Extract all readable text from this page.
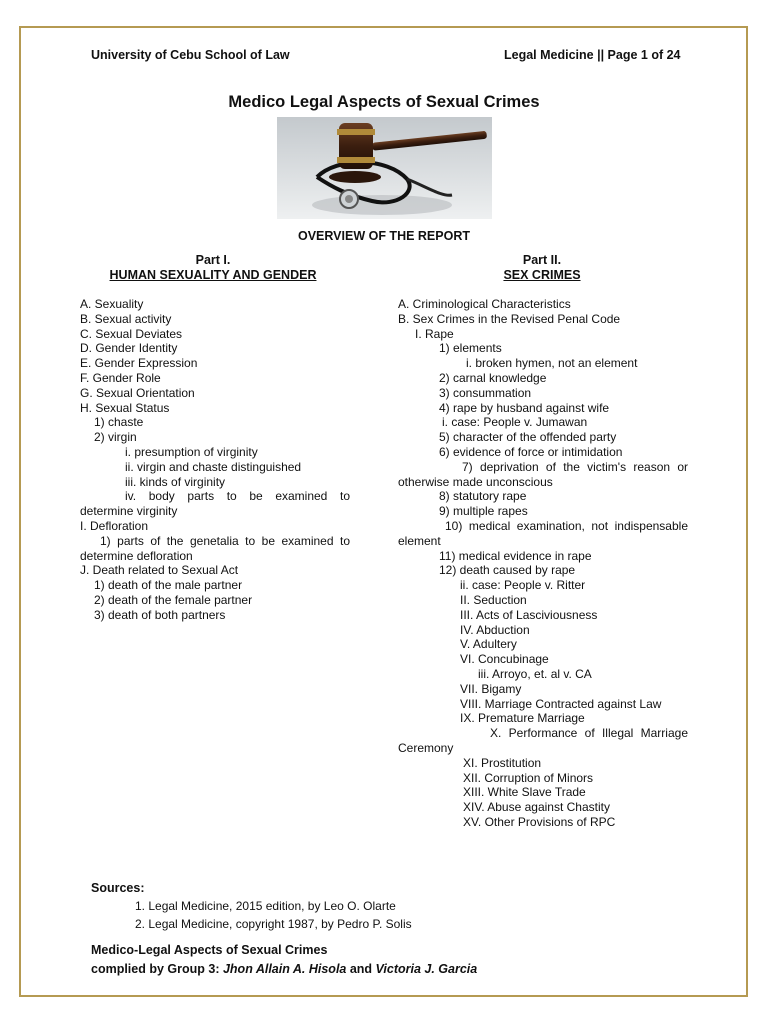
University of Cebu School of Law	Legal Medicine || Page 1 of 24
Medico Legal Aspects of Sexual Crimes
OVERVIEW OF THE REPORT
Part I.
HUMAN SEXUALITY AND GENDER
Part II.
SEX CRIMES
A. Sexuality
B. Sexual activity
C. Sexual Deviates
D. Gender Identity
E. Gender Expression
F. Gender Role
G. Sexual Orientation
H. Sexual Status
1) chaste
2) virgin
i. presumption of virginity
ii. virgin and chaste distinguished
iii. kinds of virginity
iv. body parts to be examined to
determine virginity
I. Defloration
1) parts of the genetalia to be examined to
determine defloration
J. Death related to Sexual Act
1) death of the male partner
2) death of the female partner
3) death of both partners
A. Criminological Characteristics
B. Sex Crimes in the Revised Penal Code
I. Rape
1) elements
i. broken hymen, not an element
2) carnal knowledge
3) consummation
4) rape by husband against wife
i. case: People v. Jumawan
5) character of the offended party
6) evidence of force or intimidation
7) deprivation of the victim's reason or
otherwise made unconscious
8) statutory rape
9) multiple rapes
10) medical examination, not indispensable
element
11) medical evidence in rape
12) death caused by rape
ii. case: People v. Ritter
II. Seduction
III. Acts of Lasciviousness
IV. Abduction
V. Adultery
VI. Concubinage
iii. Arroyo, et. al v. CA
VII. Bigamy
VIII. Marriage Contracted against Law
IX. Premature Marriage
X. Performance of Illegal Marriage
Ceremony
XI. Prostitution
XII. Corruption of Minors
XIII. White Slave Trade
XIV. Abuse against Chastity
XV. Other Provisions of RPC
Sources:
1. Legal Medicine, 2015 edition, by Leo O. Olarte
2. Legal Medicine, copyright 1987, by Pedro P. Solis
Medico-Legal Aspects of Sexual Crimes
complied by Group 3: Jhon Allain A. Hisola and Victoria J. Garcia
